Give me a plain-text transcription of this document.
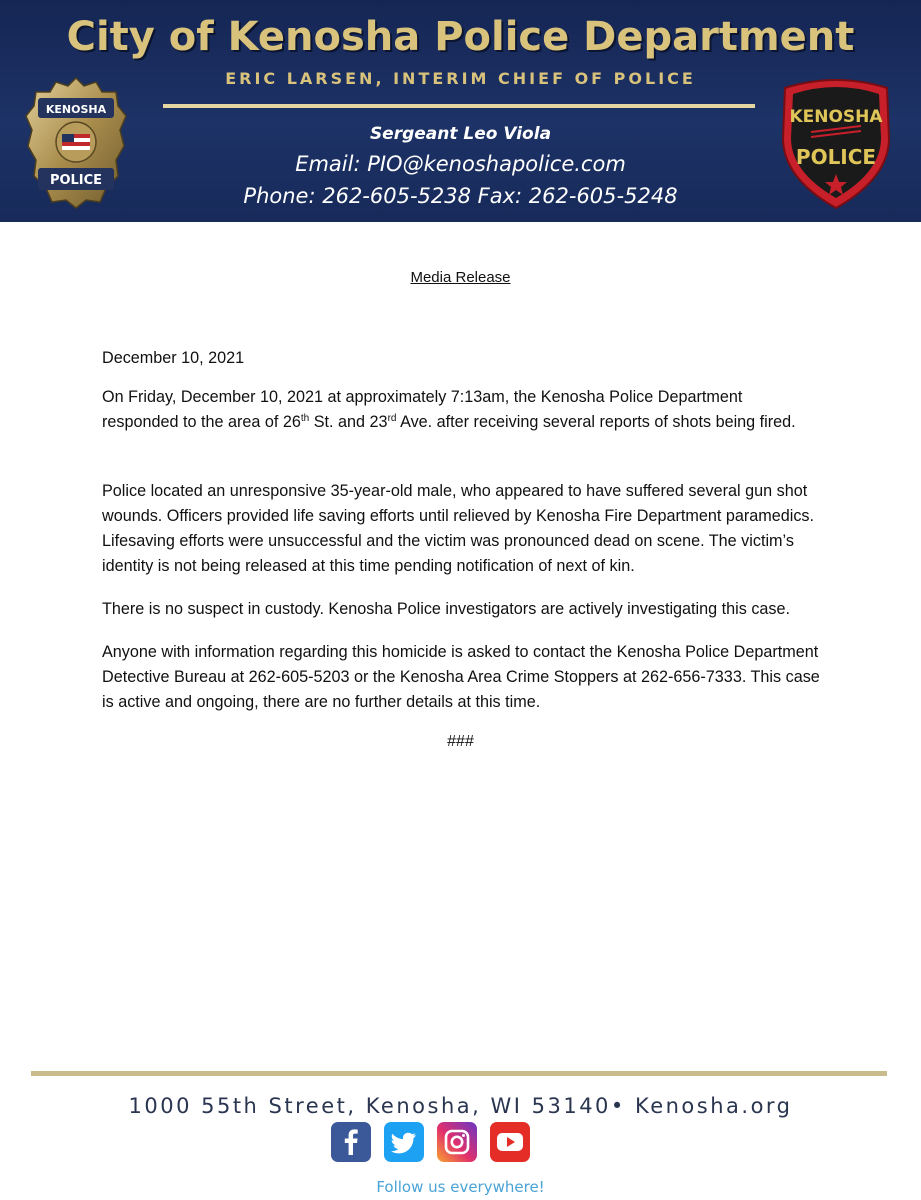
City of Kenosha Police Department
ERIC LARSEN, INTERIM CHIEF OF POLICE
Sergeant Leo Viola
Email: PIO@kenoshapolice.com
Phone: 262-605-5238 Fax: 262-605-5248
KENOSHA
POLICE
KENOSHA
POLICE
Media Release

December 10, 2021

On Friday, December 10, 2021 at approximately 7:13am, the Kenosha Police Department responded to the area of 26th St. and 23rd Ave. after receiving several reports of shots being fired.

Police located an unresponsive 35-year-old male, who appeared to have suffered several gun shot wounds. Officers provided life saving efforts until relieved by Kenosha Fire Department paramedics. Lifesaving efforts were unsuccessful and the victim was pronounced dead on scene. The victim’s identity is not being released at this time pending notification of next of kin.

There is no suspect in custody. Kenosha Police investigators are actively investigating this case.

Anyone with information regarding this homicide is asked to contact the Kenosha Police Department Detective Bureau at 262-605-5203 or the Kenosha Area Crime Stoppers at 262-656-7333. This case is active and ongoing, there are no further details at this time.

###
1000 55th Street, Kenosha, WI 53140• Kenosha.org
Follow us everywhere!
